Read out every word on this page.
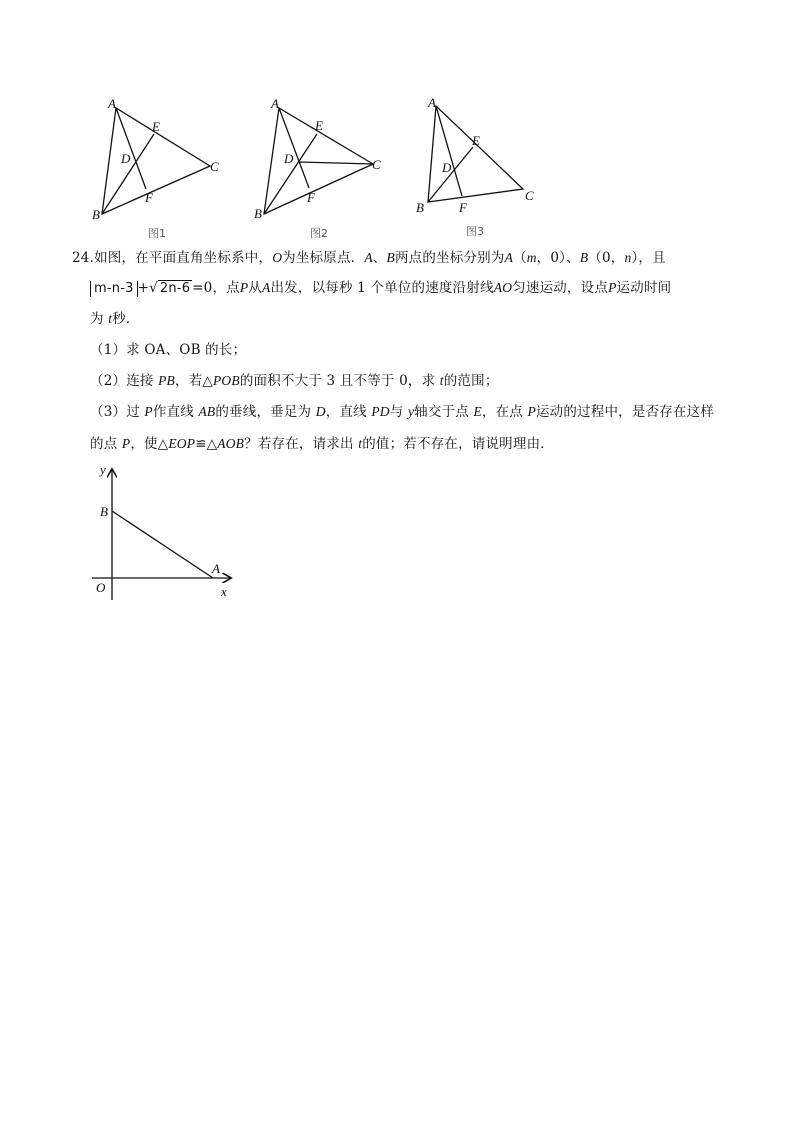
A
B
C
D
E
F
图1
A
B
C
D
E
F
图2
A
B
C
D
E
F
图3
24.如图，在平面直角坐标系中，O为坐标原点．A、B两点的坐标分别为A（m，0）、B（0，n），且
m-n-3 +√ 2n-6 =0，点P从A出发，以每秒 1 个单位的速度沿射线AO匀速运动，设点P运动时间
为 t秒．
（1）求 OA、OB 的长；
（2）连接 PB，若△POB的面积不大于 3 且不等于 0，求 t的范围；
（3）过 P作直线 AB的垂线，垂足为 D，直线 PD与 y轴交于点 E，在点 P运动的过程中，是否存在这样
的点 P，使△EOP≌△AOB？若存在，请求出 t的值；若不存在，请说明理由．
y
x
O
B
A
